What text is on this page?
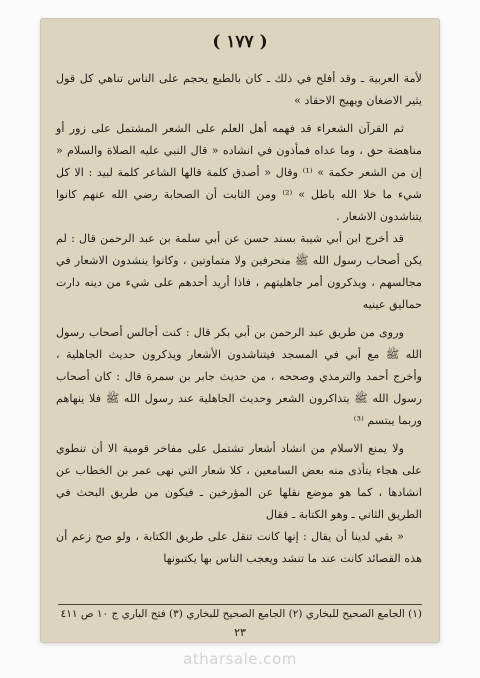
( ١٧٧ )

لأمة العربية ـ وقد أفلح في ذلك ـ كان بالطبع يحجم على الناس تناهي كل قول يثير الاضغان ويهيج الاحقاد »

ثم القرآن الشعراء قد فهمه أهل العلم على الشعر المشتمل على زور أو مناهضة حق ، وما عداه فمأذون في انشاده « قال النبي عليه الصلاة والسلام « إن من الشعر حكمة » ⁽¹⁾ وقال « أصدق كلمة قالها الشاعر كلمة لبيد : الا كل شيء ما خلا الله باطل » ⁽²⁾ ومن الثابت أن الصحابة رضي الله عنهم كانوا يتناشدون الاشعار .

قد أخرج ابن أبي شيبة بسند حسن عن أبي سلمة بن عبد الرحمن قال : لم يكن أصحاب رسول الله ﷺ منحرفين ولا متماوتين ، وكانوا ينشدون الاشعار في مجالسهم ، ويذكرون أمر جاهليتهم ، فاذا أريد أحدهم على شيء من دينه دارت حماليق عينيه

وروى من طريق عبد الرحمن بن أبي بكر قال : كنت أجالس أصحاب رسول الله ﷺ مع أبي في المسجد فيتناشدون الأشعار ويذكرون حديث الجاهلية ، وأخرج أحمد والترمذي وصححه ، من حديث جابر بن سمرة قال : كان أصحاب رسول الله ﷺ يتذاكرون الشعر وحديث الجاهلية عند رسول الله ﷺ فلا ينهاهم وربما يبتسم ⁽³⁾

ولا يمنع الاسلام من انشاد أشعار تشتمل على مفاخر قومية الا أن تنطوي على هجاء يتأذى منه بعض السامعين ، كلا شعار التي نهى عمر بن الخطاب عن انشادها ، كما هو موضع نقلها عن المؤرخين ـ فيكون من طريق البحث في الطريق الثاني ـ وهو الكتابة ـ فقال

« بقي لدينا أن يقال : إنها كانت تنقل على طريق الكتابة ، ولو صح زعم أن هذه القصائد كانت عند ما تنشد ويعجب الناس بها يكتبونها

(١) الجامع الصحيح للبخاري (٢) الجامع الصحيح للبخاري (٣) فتح الباري ج ١٠ ص ٤١١
٢٣
atharsale.com
